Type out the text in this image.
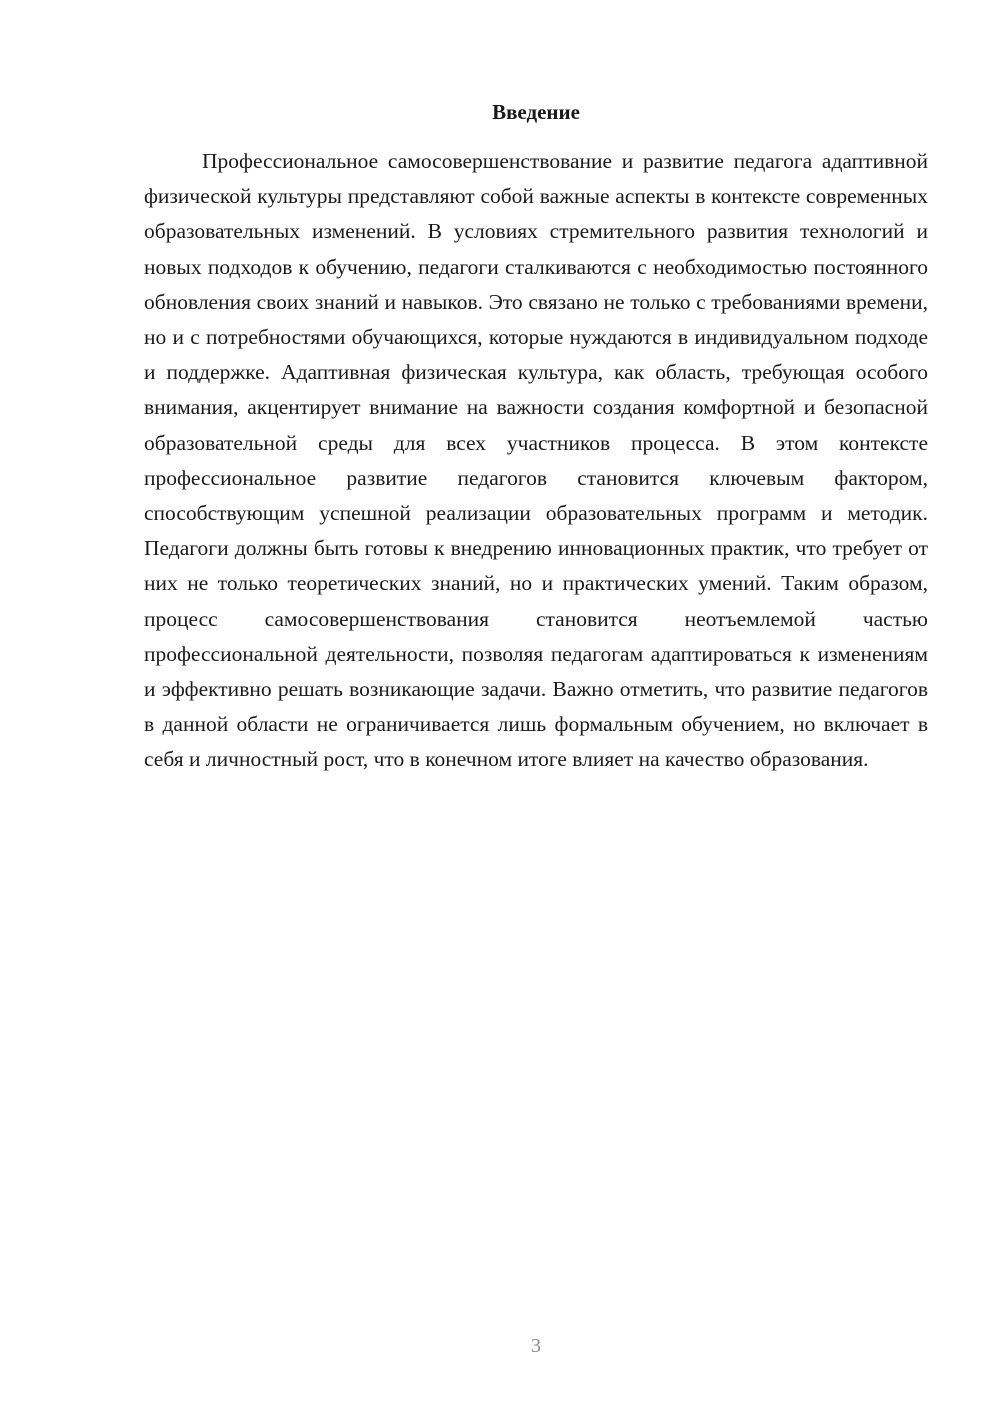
Введение

Профессиональное самосовершенствование и развитие педагога адаптивной физической культуры представляют собой важные аспекты в контексте современных образовательных изменений. В условиях стремительного развития технологий и новых подходов к обучению, педагоги сталкиваются с необходимостью постоянного обновления своих знаний и навыков. Это связано не только с требованиями времени, но и с потребностями обучающихся, которые нуждаются в индивидуальном подходе и поддержке. Адаптивная физическая культура, как область, требующая особого внимания, акцентирует внимание на важности создания комфортной и безопасной образовательной среды для всех участников процесса. В этом контексте профессиональное развитие педагогов становится ключевым фактором, способствующим успешной реализации образовательных программ и методик. Педагоги должны быть готовы к внедрению инновационных практик, что требует от них не только теоретических знаний, но и практических умений. Таким образом, процесс самосовершенствования становится неотъемлемой частью профессиональной деятельности, позволяя педагогам адаптироваться к изменениям и эффективно решать возникающие задачи. Важно отметить, что развитие педагогов в данной области не ограничивается лишь формальным обучением, но включает в себя и личностный рост, что в конечном итоге влияет на качество образования.

3
